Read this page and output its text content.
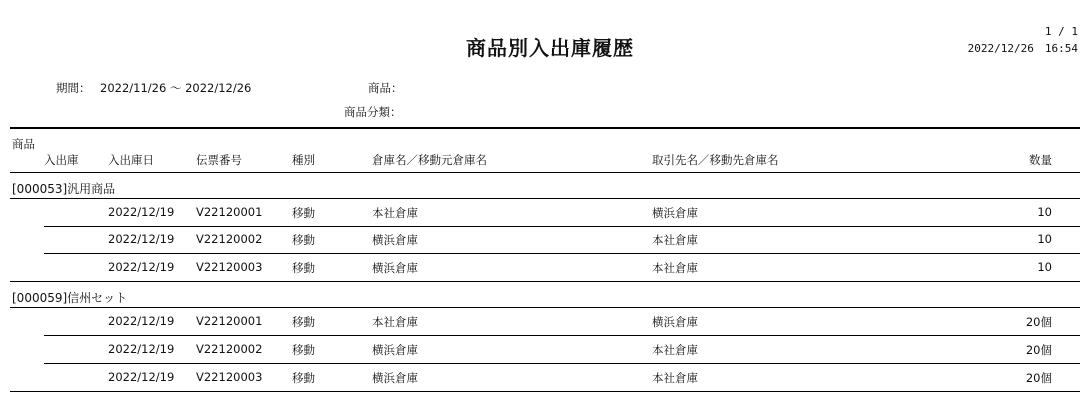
商品別入出庫履歴
1 / 1
2022/12/26　16:54
期間： 2022/11/26 ～ 2022/12/26	商品：
商品分類：
商品
入出庫	入出庫日	伝票番号	種別	倉庫名／移動元倉庫名	取引先名／移動先倉庫名	数量
[000053]汎用商品
2022/12/19 V22120001	移動	本社倉庫	横浜倉庫	10
2022/12/19 V22120002	移動	横浜倉庫	本社倉庫	10
2022/12/19 V22120003	移動	横浜倉庫	本社倉庫	10
[000059]信州セット
2022/12/19 V22120001	移動	本社倉庫	横浜倉庫	20個
2022/12/19 V22120002	移動	横浜倉庫	本社倉庫	20個
2022/12/19 V22120003	移動	横浜倉庫	本社倉庫	20個
